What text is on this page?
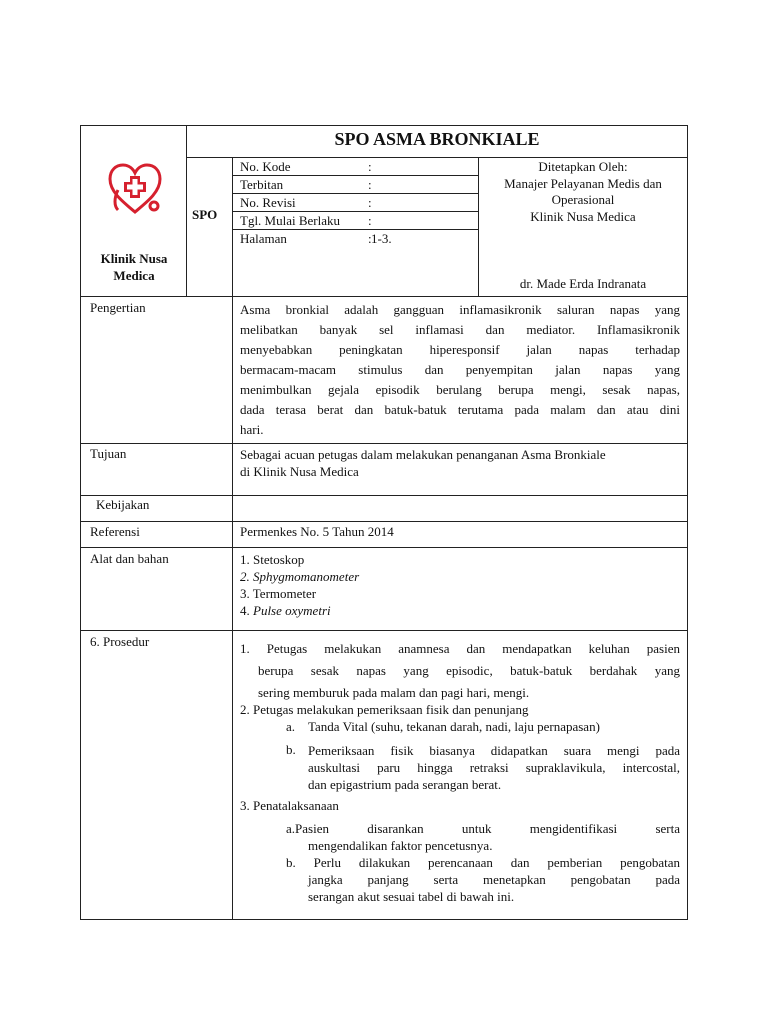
Klinik Nusa
Medica
SPO ASMA BRONKIALE
SPO
No. Kode	:
Terbitan	:
No. Revisi	:
Tgl. Mulai Berlaku :
Halaman	: 1-3.
Ditetapkan Oleh:
Manajer Pelayanan Medis dan
Operasional
Klinik Nusa Medica
dr. Made Erda Indranata
Pengertian	Asma bronkial adalah gangguan inflamasikronik saluran napas yang
melibatkan banyak sel inflamasi dan mediator. Inflamasikronik
menyebabkan peningkatan hiperesponsif jalan napas terhadap
bermacam-macam stimulus dan penyempitan jalan napas yang
menimbulkan gejala episodik berulang berupa mengi, sesak napas,
dada terasa berat dan batuk-batuk terutama pada malam dan atau dini
hari.
Tujuan	Sebagai acuan petugas dalam melakukan penanganan Asma Bronkiale
di Klinik Nusa Medica
Kebijakan
Referensi	Permenkes No. 5 Tahun 2014
Alat dan bahan	1. Stetoskop
2. Sphygmomanometer
3. Termometer
4. Pulse oxymetri
6. Prosedur	1. Petugas melakukan anamnesa dan mendapatkan keluhan pasien
berupa sesak napas yang episodic, batuk-batuk berdahak yang
sering memburuk pada malam dan pagi hari, mengi.
2. Petugas melakukan pemeriksaan fisik dan penunjang
a. Tanda Vital (suhu, tekanan darah, nadi, laju pernapasan)
b. Pemeriksaan fisik biasanya didapatkan suara mengi pada
auskultasi paru hingga retraksi supraklavikula, intercostal,
dan epigastrium pada serangan berat.
3. Penatalaksanaan
a.Pasien disarankan untuk mengidentifikasi serta
mengendalikan faktor pencetusnya.
b. Perlu dilakukan perencanaan dan pemberian pengobatan
jangka panjang serta menetapkan pengobatan pada
serangan akut sesuai tabel di bawah ini.
